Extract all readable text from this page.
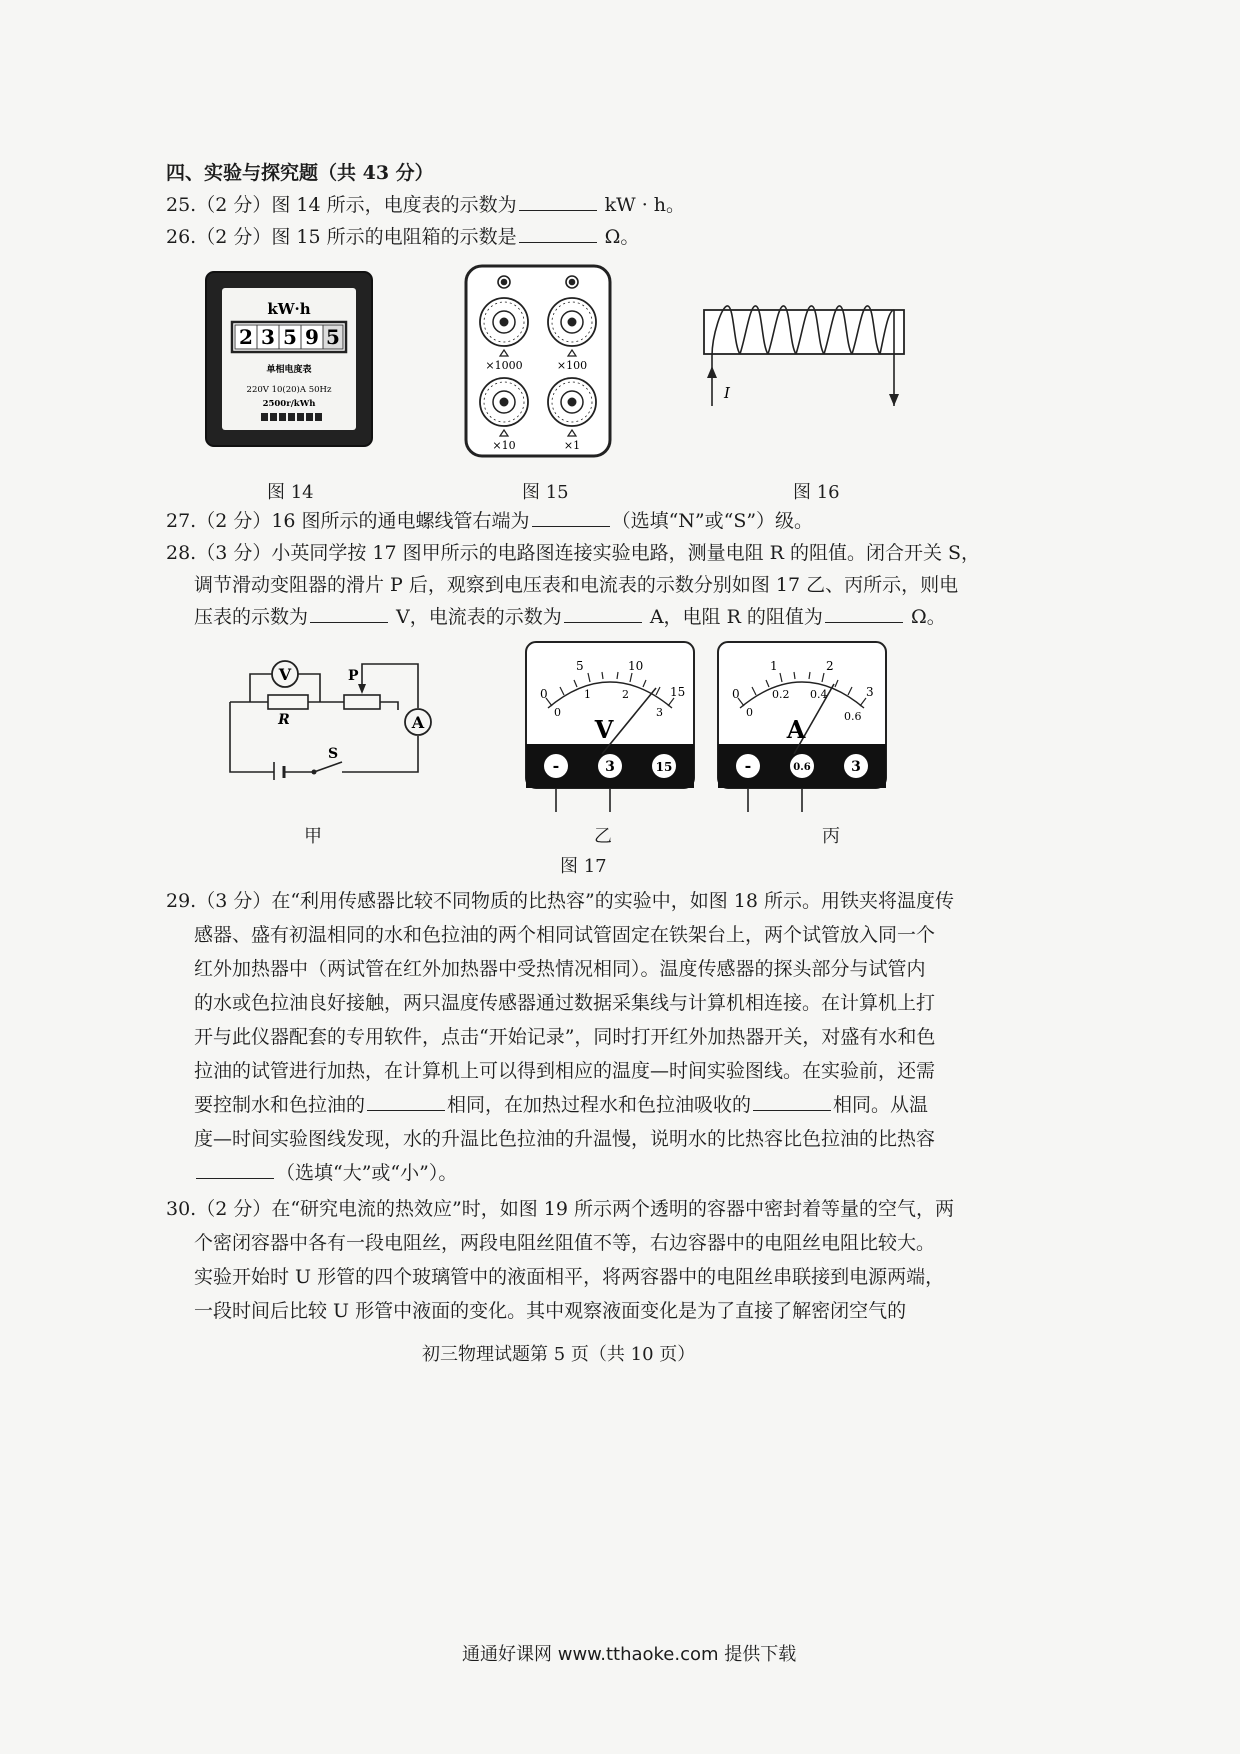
四、实验与探究题（共 43 分）
25.（2 分）图 14 所示，电度表的示数为	kW · h。
26.（2 分）图 15 所示的电阻箱的示数是	Ω。
kW·h
2 3 5 9 5
单相电度表
220V 10(20)A 50Hz
2500r/kWh
图 14
×1000	×100
×10	×1
图 15
I
图 16
27.（2 分）16 图所示的通电螺线管右端为	（选填“N”或“S”）级。
28.（3 分）小英同学按 17 图甲所示的电路图连接实验电路，测量电阻 R 的阻值。闭合开关 S，
调节滑动变阻器的滑片 P 后，观察到电压表和电流表的示数分别如图 17 乙、丙所示，则电
压表的示数为	V，电流表的示数为	A，电阻 R 的阻值为	Ω。
V
A
R
P
S
甲
0
5	10
15
0
1	2
3
V
-	3	15
乙
0
1	2
3
0
0.2 0.4
0.6
A
-	0.6	3
丙
图 17
29.（3 分）在“利用传感器比较不同物质的比热容”的实验中，如图 18 所示。用铁夹将温度传
感器、盛有初温相同的水和色拉油的两个相同试管固定在铁架台上，两个试管放入同一个
红外加热器中（两试管在红外加热器中受热情况相同）。温度传感器的探头部分与试管内
的水或色拉油良好接触，两只温度传感器通过数据采集线与计算机相连接。在计算机上打
开与此仪器配套的专用软件，点击“开始记录”，同时打开红外加热器开关，对盛有水和色
拉油的试管进行加热，在计算机上可以得到相应的温度—时间实验图线。在实验前，还需
要控制水和色拉油的	相同，在加热过程水和色拉油吸收的	相同。从温
度—时间实验图线发现，水的升温比色拉油的升温慢，说明水的比热容比色拉油的比热容
（选填“大”或“小”）。
30.（2 分）在“研究电流的热效应”时，如图 19 所示两个透明的容器中密封着等量的空气，两
个密闭容器中各有一段电阻丝，两段电阻丝阻值不等，右边容器中的电阻丝电阻比较大。
实验开始时 U 形管的四个玻璃管中的液面相平，将两容器中的电阻丝串联接到电源两端，
一段时间后比较 U 形管中液面的变化。其中观察液面变化是为了直接了解密闭空气的
初三物理试题第 5 页（共 10 页）
通通好课网 www.tthaoke.com 提供下载
